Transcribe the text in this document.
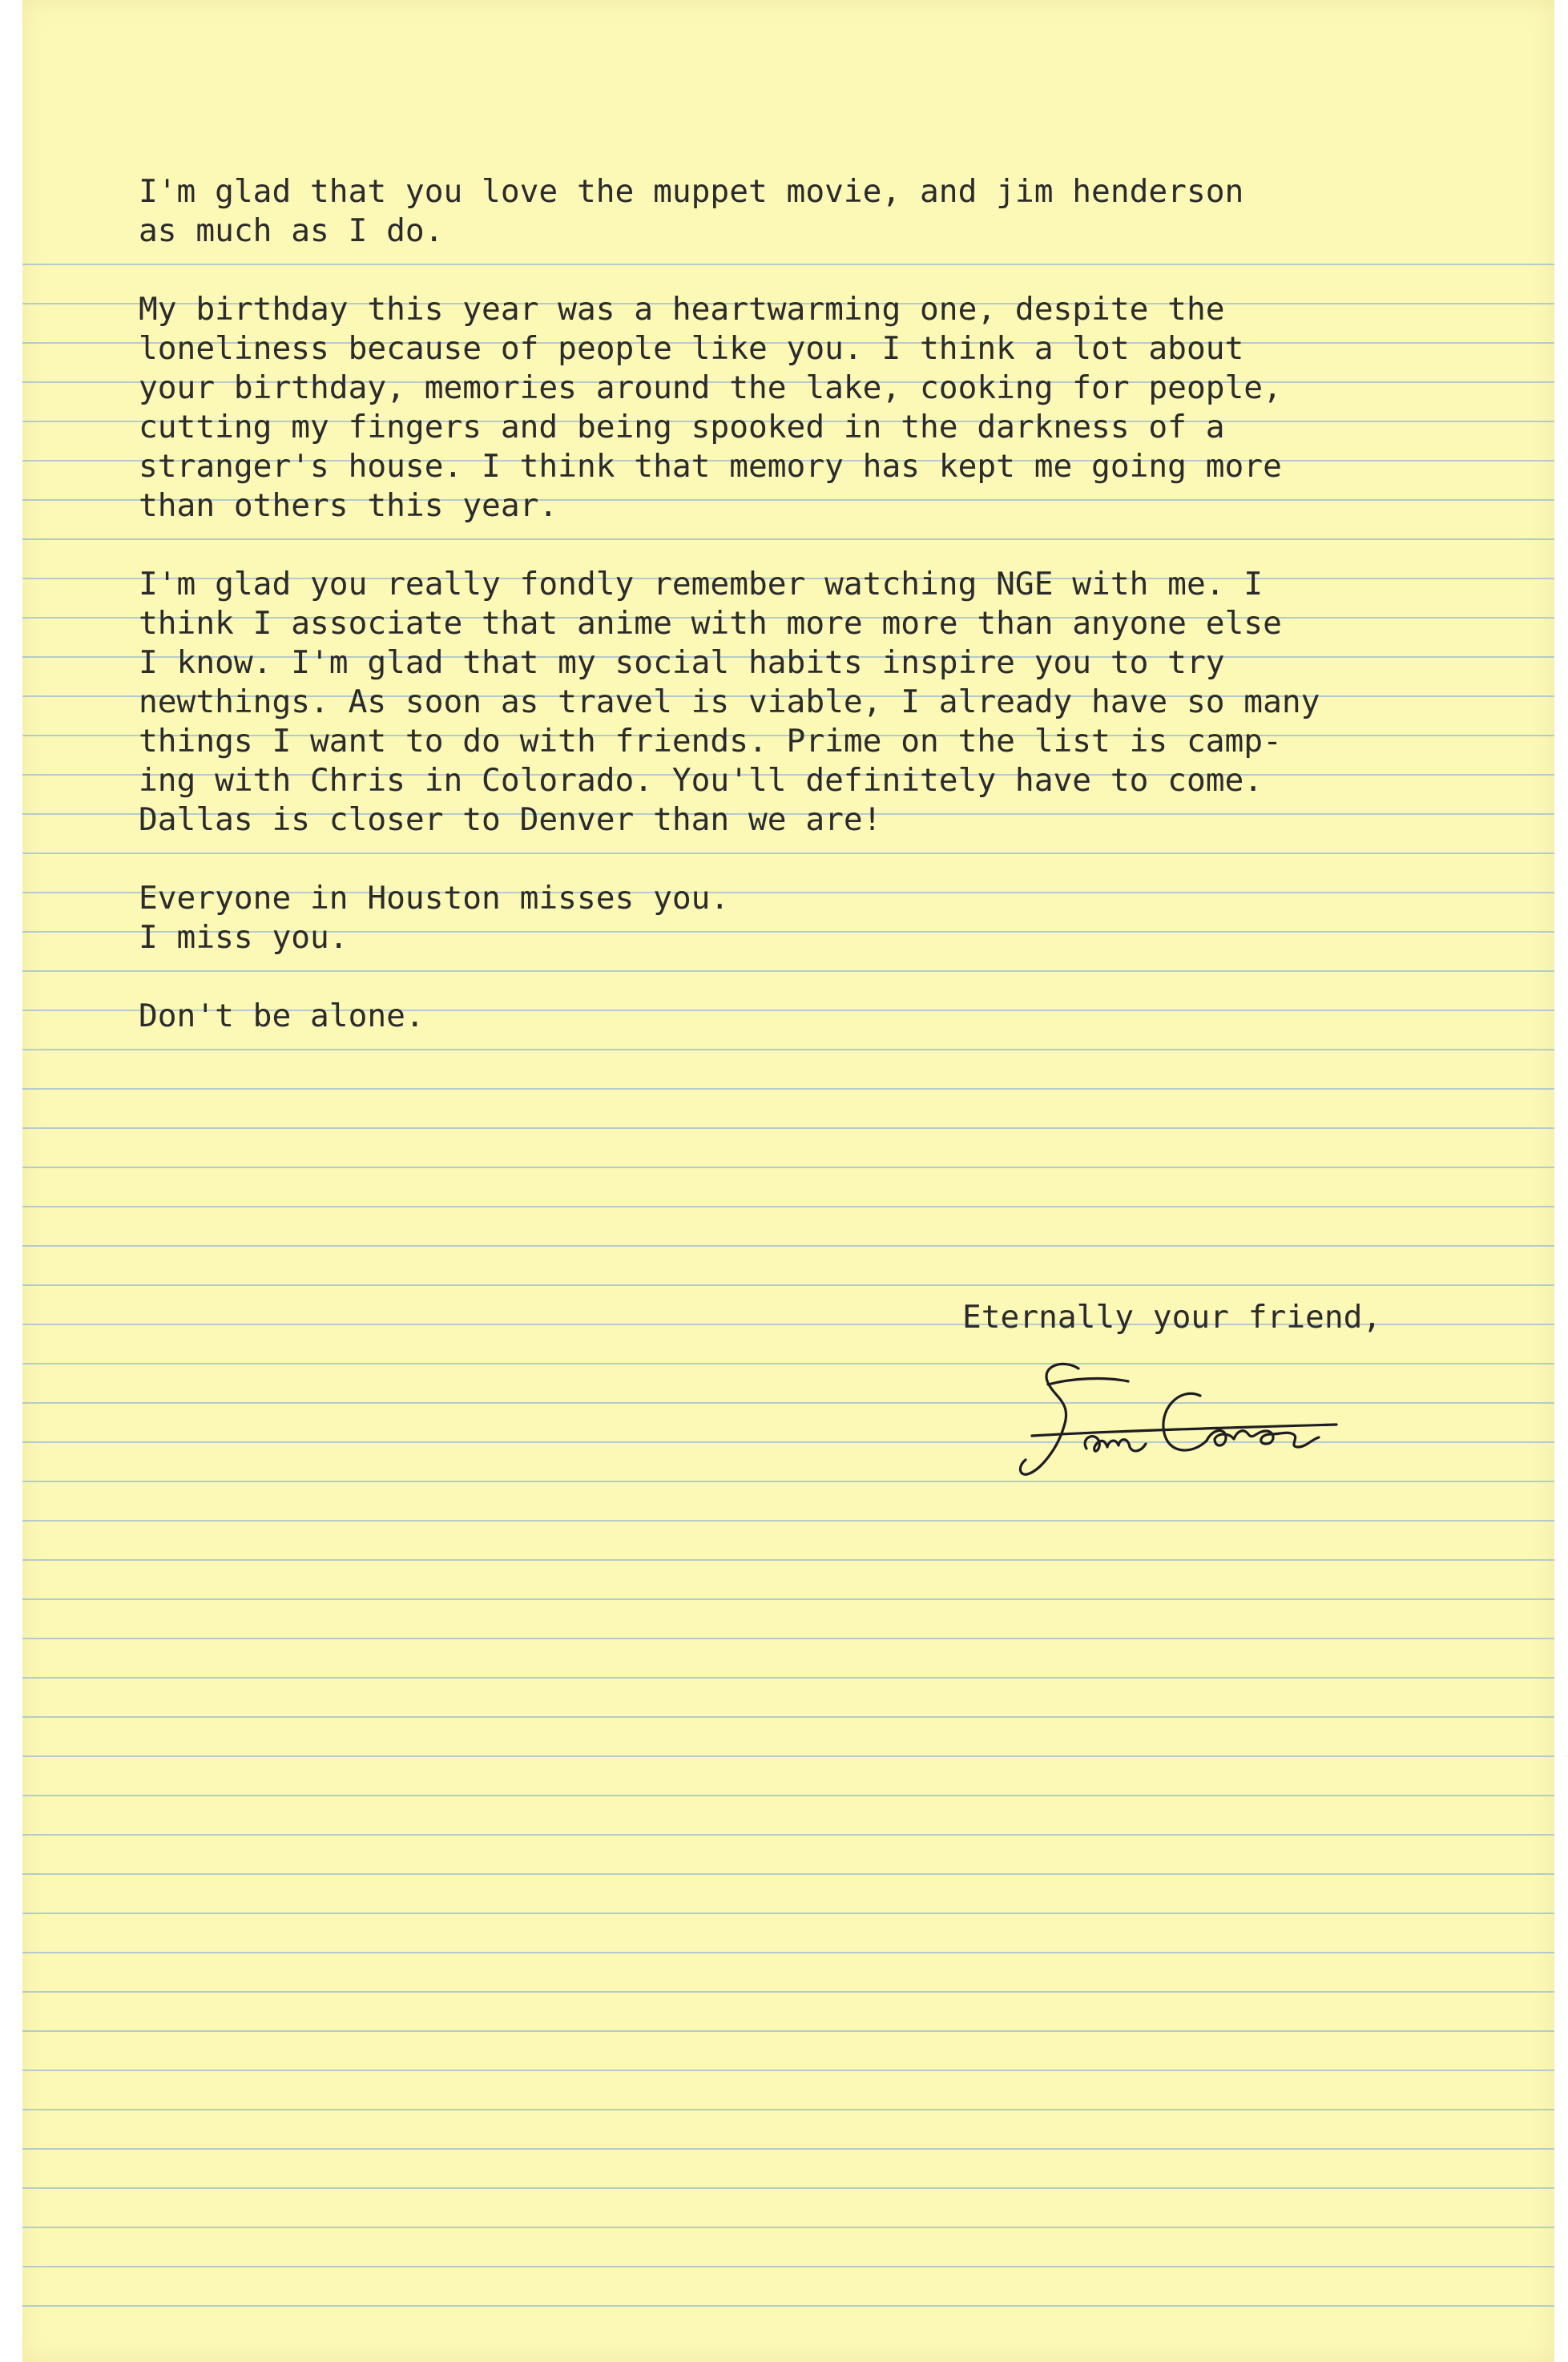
I'm glad that you love the muppet movie, and jim henderson
as much as I do.
My birthday this year was a heartwarming one, despite the
loneliness because of people like you. I think a lot about
your birthday, memories around the lake, cooking for people,
cutting my fingers and being spooked in the darkness of a
stranger's house. I think that memory has kept me going more
than others this year.
I'm glad you really fondly remember watching NGE with me. I
think I associate that anime with more more than anyone else
I know. I'm glad that my social habits inspire you to try
newthings. As soon as travel is viable, I already have so many
things I want to do with friends. Prime on the list is camp-
ing with Chris in Colorado. You'll definitely have to come.
Dallas is closer to Denver than we are!
Everyone in Houston misses you.
I miss you.
Don't be alone.
Eternally your friend,
